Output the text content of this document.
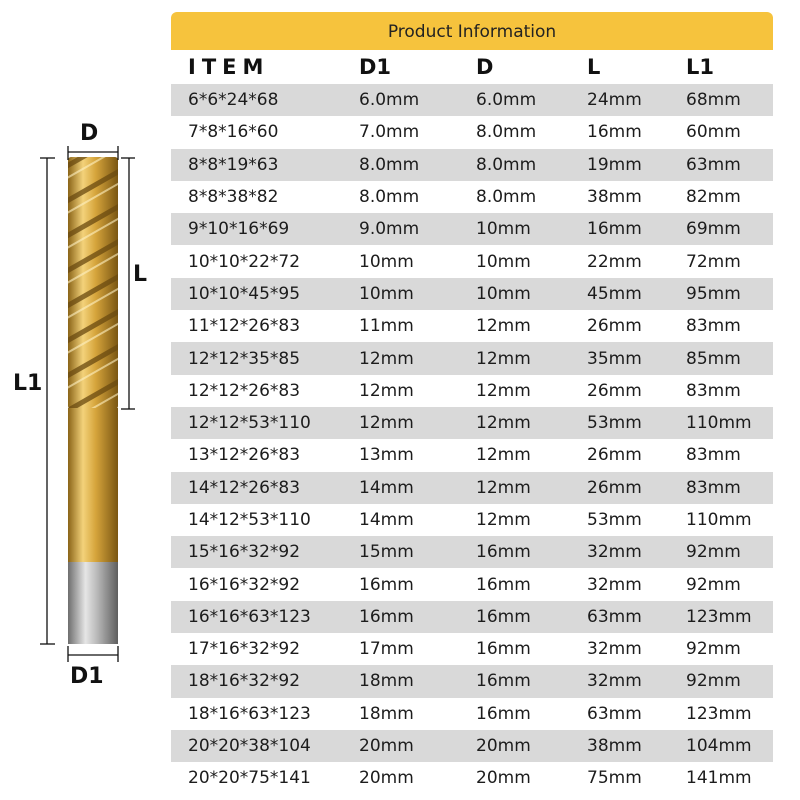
D
D1
L
L1
Product Information
ITEM	D1	D	L	L1
6*6*24*68	6.0mm	6.0mm	24mm	68mm
7*8*16*60	7.0mm	8.0mm	16mm	60mm
8*8*19*63	8.0mm	8.0mm	19mm	63mm
8*8*38*82	8.0mm	8.0mm	38mm	82mm
9*10*16*69	9.0mm	10mm	16mm	69mm
10*10*22*72	10mm	10mm	22mm	72mm
10*10*45*95	10mm	10mm	45mm	95mm
11*12*26*83	11mm	12mm	26mm	83mm
12*12*35*85	12mm	12mm	35mm	85mm
12*12*26*83	12mm	12mm	26mm	83mm
12*12*53*110	12mm	12mm	53mm	110mm
13*12*26*83	13mm	12mm	26mm	83mm
14*12*26*83	14mm	12mm	26mm	83mm
14*12*53*110	14mm	12mm	53mm	110mm
15*16*32*92	15mm	16mm	32mm	92mm
16*16*32*92	16mm	16mm	32mm	92mm
16*16*63*123	16mm	16mm	63mm	123mm
17*16*32*92	17mm	16mm	32mm	92mm
18*16*32*92	18mm	16mm	32mm	92mm
18*16*63*123	18mm	16mm	63mm	123mm
20*20*38*104	20mm	20mm	38mm	104mm
20*20*75*141	20mm	20mm	75mm	141mm
